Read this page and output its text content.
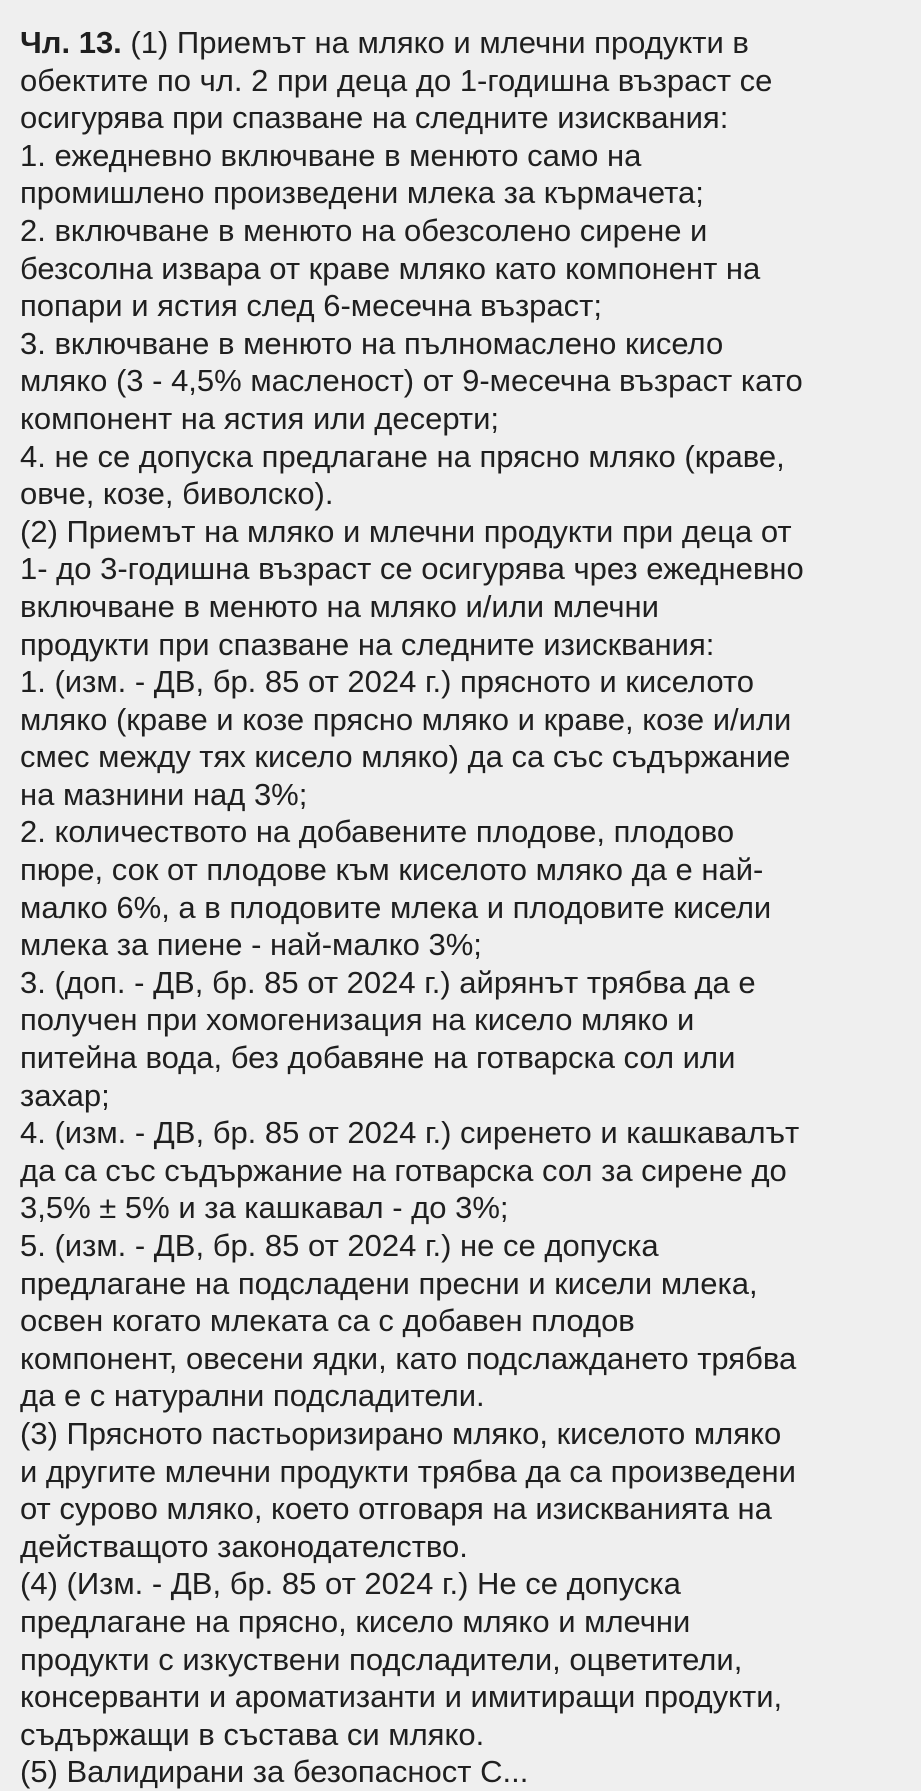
Чл. 13. (1) Приемът на мляко и млечни продукти в
обектите по чл. 2 при деца до 1-годишна възраст се
осигурява при спазване на следните изисквания:
1. ежедневно включване в менюто само на
промишлено произведени млека за кърмачета;
2. включване в менюто на обезсолено сирене и
безсолна извара от краве мляко като компонент на
попари и ястия след 6-месечна възраст;
3. включване в менюто на пълномаслено кисело
мляко (3 - 4,5% масленост) от 9-месечна възраст като
компонент на ястия или десерти;
4. не се допуска предлагане на прясно мляко (краве,
овче, козе, биволско).
(2) Приемът на мляко и млечни продукти при деца от
1- до 3-годишна възраст се осигурява чрез ежедневно
включване в менюто на мляко и/или млечни
продукти при спазване на следните изисквания:
1. (изм. - ДВ, бр. 85 от 2024 г.) прясното и киселото
мляко (краве и козе прясно мляко и краве, козе и/или
смес между тях кисело мляко) да са със съдържание
на мазнини над 3%;
2. количеството на добавените плодове, плодово
пюре, сок от плодове към киселото мляко да е най-
малко 6%, а в плодовите млека и плодовите кисели
млека за пиене - най-малко 3%;
3. (доп. - ДВ, бр. 85 от 2024 г.) айрянът трябва да е
получен при хомогенизация на кисело мляко и
питейна вода, без добавяне на готварска сол или
захар;
4. (изм. - ДВ, бр. 85 от 2024 г.) сиренето и кашкавалът
да са със съдържание на готварска сол за сирене до
3,5% ± 5% и за кашкавал - до 3%;
5. (изм. - ДВ, бр. 85 от 2024 г.) не се допуска
предлагане на подсладени пресни и кисели млека,
освен когато млеката са с добавен плодов
компонент, овесени ядки, като подслаждането трябва
да е с натурални подсладители.
(3) Прясното пастьоризирано мляко, киселото мляко
и другите млечни продукти трябва да са произведени
от сурово мляко, което отговаря на изискванията на
действащото законодателство.
(4) (Изм. - ДВ, бр. 85 от 2024 г.) Не се допуска
предлагане на прясно, кисело мляко и млечни
продукти с изкуствени подсладители, оцветители,
консерванти и ароматизанти и имитиращи продукти,
съдържащи в състава си мляко.
(5) Валидирани за безопасност С...
